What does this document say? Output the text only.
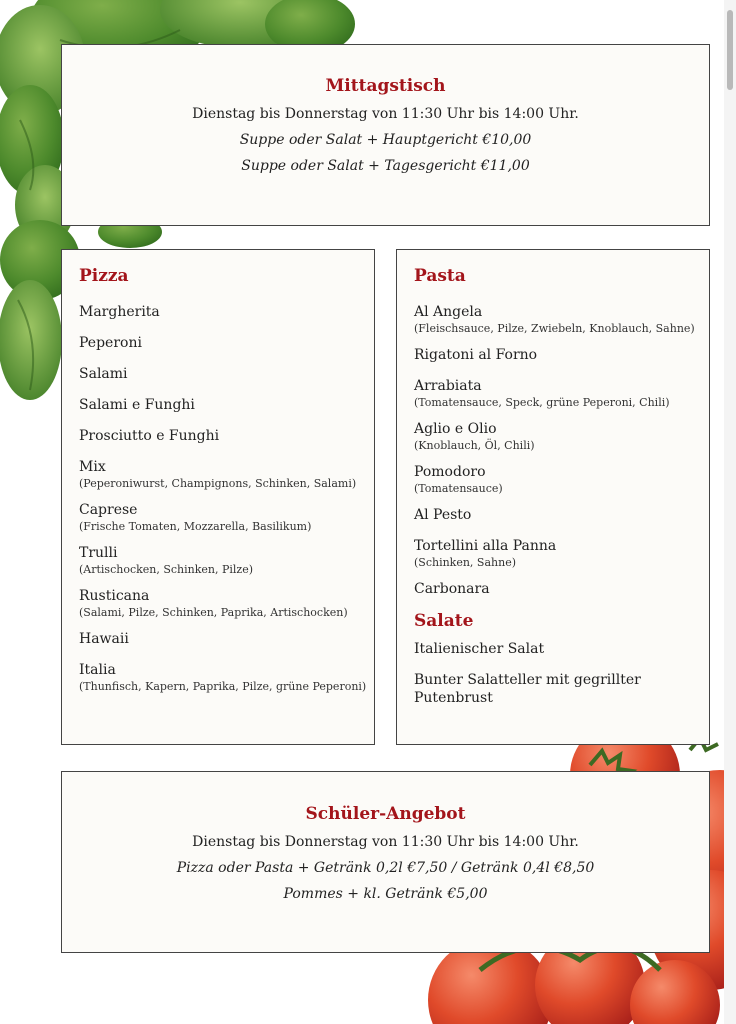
Mittagstisch
Dienstag bis Donnerstag von 11:30 Uhr bis 14:00 Uhr.
Suppe oder Salat + Hauptgericht €10,00
Suppe oder Salat + Tagesgericht €11,00
Pizza
Margherita
Peperoni
Salami
Salami e Funghi
Prosciutto e Funghi
Mix
(Peperoniwurst, Champignons, Schinken, Salami)
Caprese
(Frische Tomaten, Mozzarella, Basilikum)
Trulli
(Artischocken, Schinken, Pilze)
Rusticana
(Salami, Pilze, Schinken, Paprika, Artischocken)
Hawaii
Italia
(Thunfisch, Kapern, Paprika, Pilze, grüne Peperoni)
Pasta
Al Angela
(Fleischsauce, Pilze, Zwiebeln, Knoblauch, Sahne)
Rigatoni al Forno
Arrabiata
(Tomatensauce, Speck, grüne Peperoni, Chili)
Aglio e Olio
(Knoblauch, Öl, Chili)
Pomodoro
(Tomatensauce)
Al Pesto
Tortellini alla Panna
(Schinken, Sahne)
Carbonara
Salate
Italienischer Salat
Bunter Salatteller mit gegrillter Putenbrust
Schüler-Angebot
Dienstag bis Donnerstag von 11:30 Uhr bis 14:00 Uhr.
Pizza oder Pasta + Getränk 0,2l €7,50 / Getränk 0,4l €8,50
Pommes + kl. Getränk €5,00
